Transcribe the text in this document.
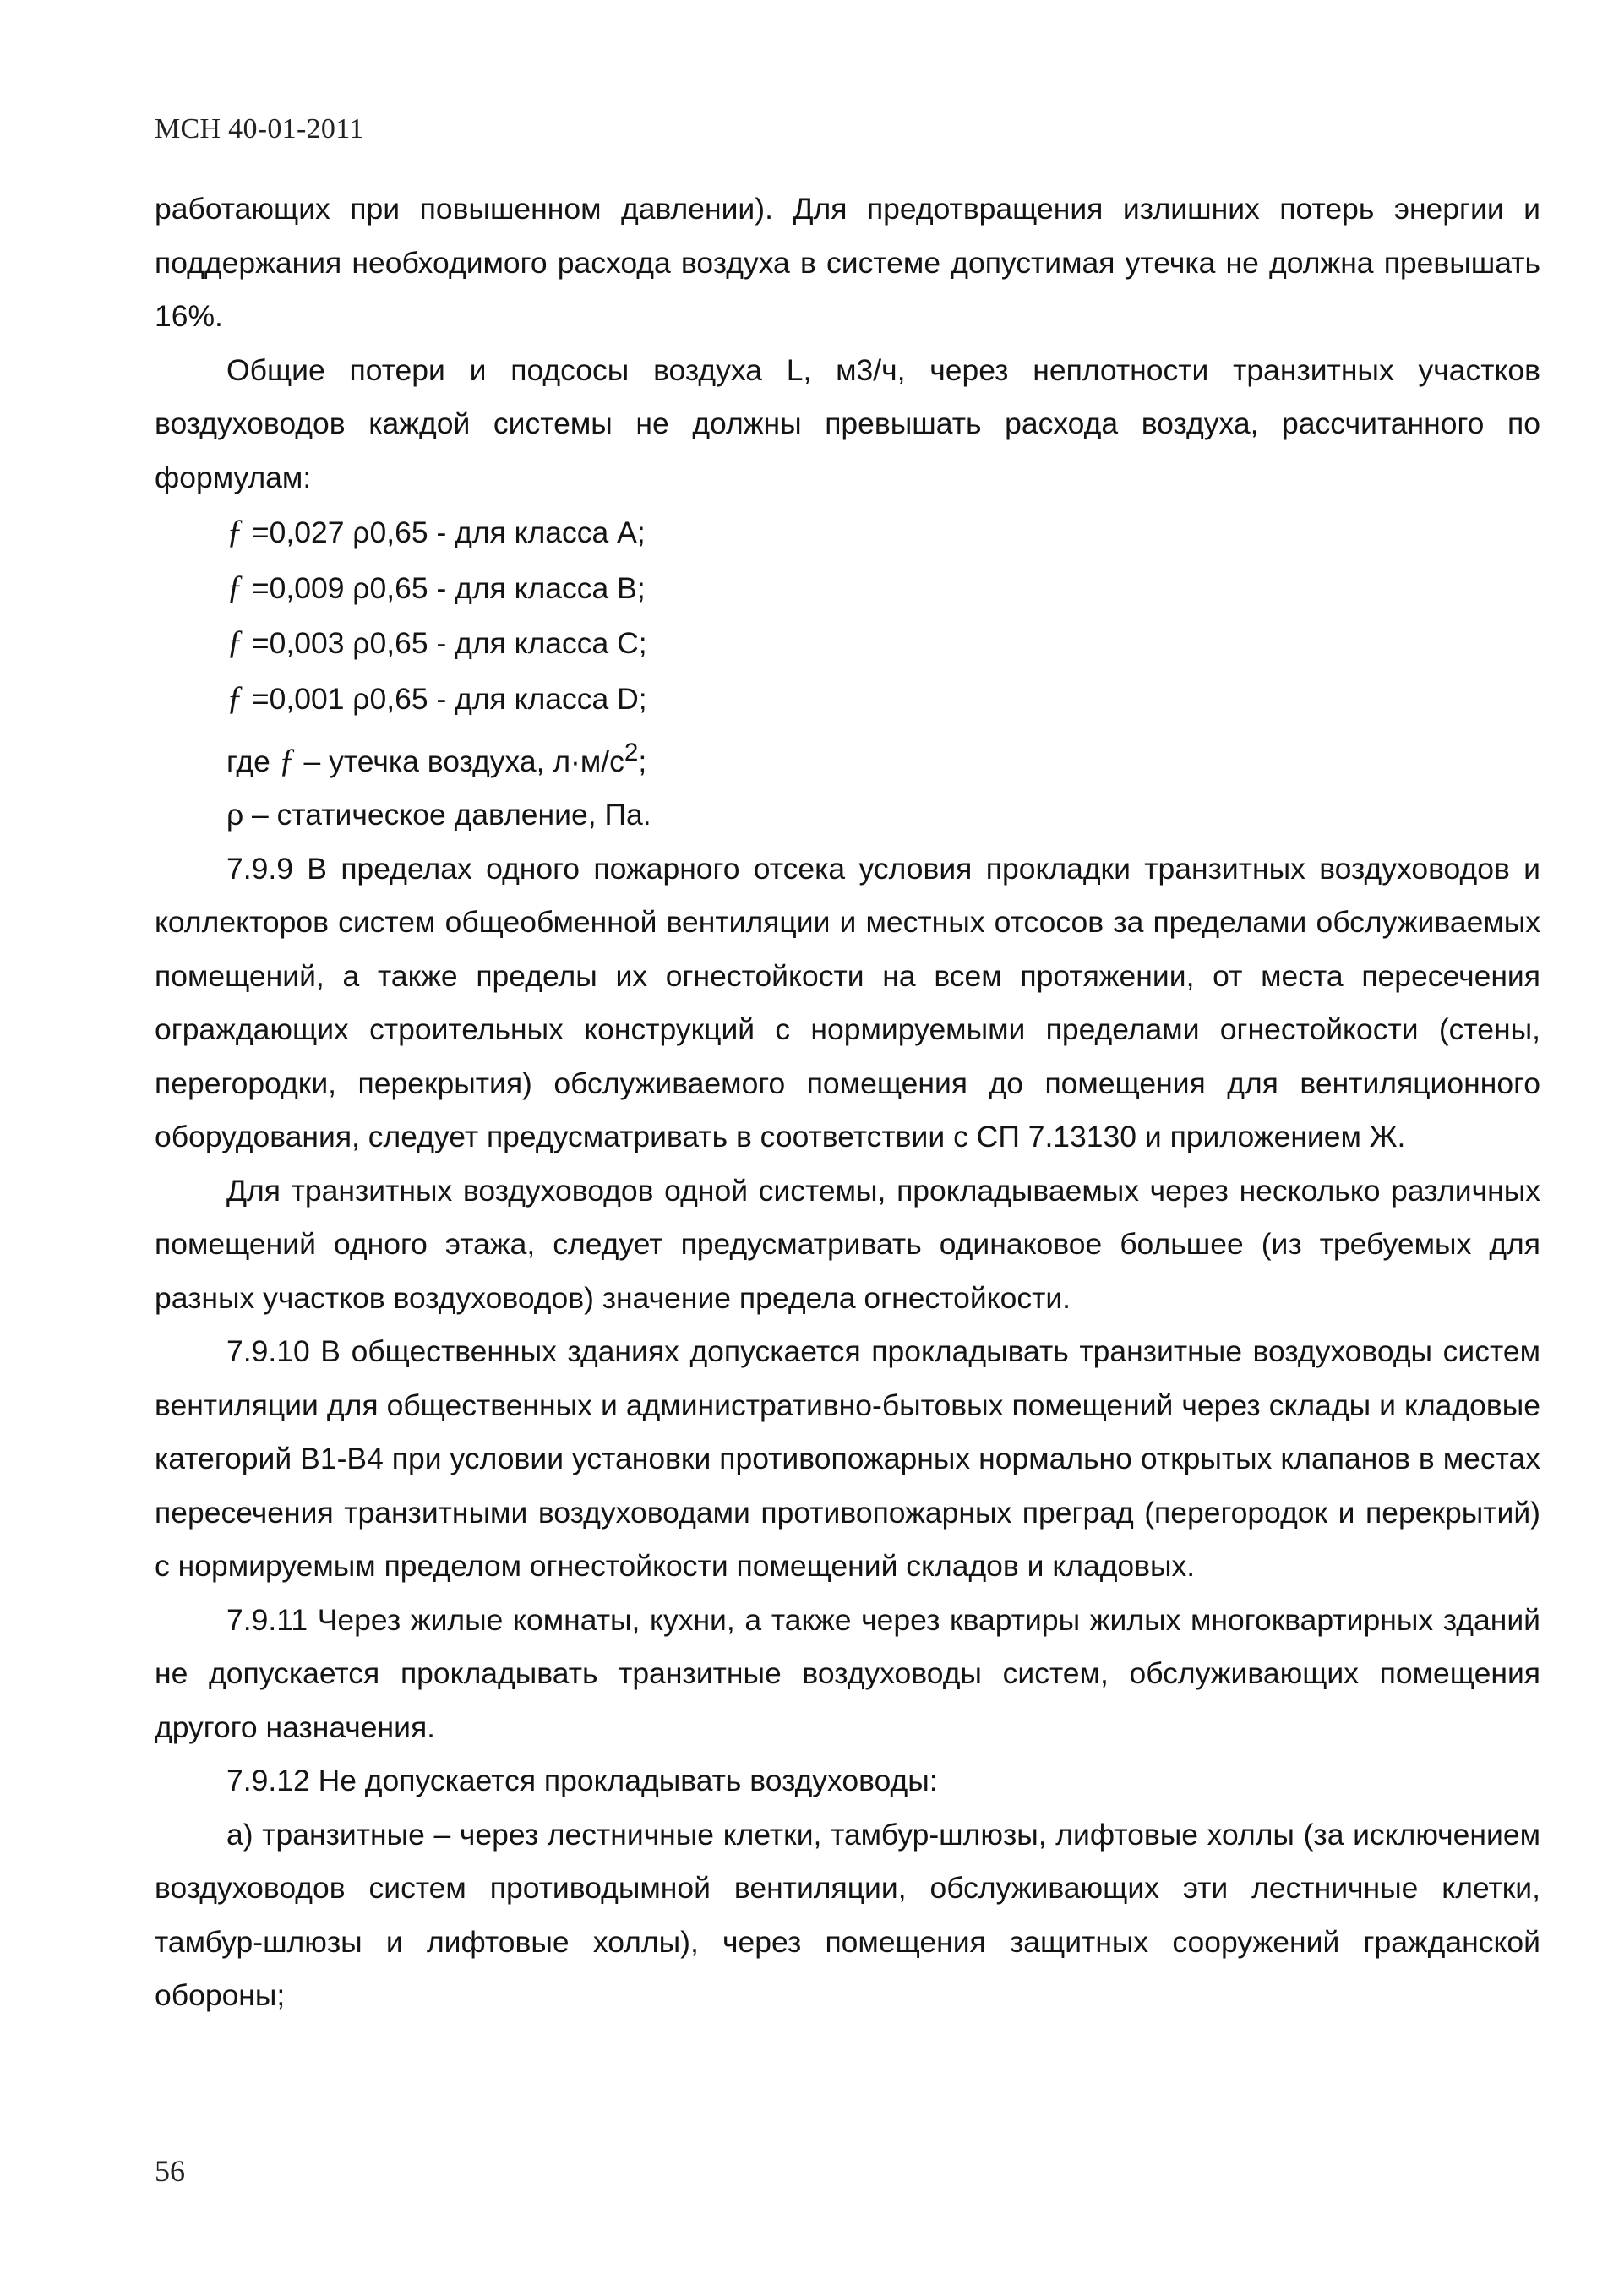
МСН 40-01-2011

работающих при повышенном давлении). Для предотвращения излишних потерь энергии и поддержания необходимого расхода воздуха в системе допустимая утечка не должна превышать 16%.

Общие потери и подсосы воздуха L, м3/ч, через неплотности транзитных участков воздуховодов каждой системы не должны превышать расхода воздуха, рассчитанного по формулам:

ƒ =0,027 ρ0,65 - для класса А;

ƒ =0,009 ρ0,65 - для класса В;

ƒ =0,003 ρ0,65 - для класса С;

ƒ =0,001 ρ0,65 - для класса D;

где ƒ – утечка воздуха, $л\cdot м/с^2$;

ρ – статическое давление, Па.

7.9.9 В пределах одного пожарного отсека условия прокладки транзитных воздуховодов и коллекторов систем общеобменной вентиляции и местных отсосов за пределами обслуживаемых помещений, а также пределы их огнестойкости на всем протяжении, от места пересечения ограждающих строительных конструкций с нормируемыми пределами огнестойкости (стены, перегородки, перекрытия) обслуживаемого помещения до помещения для вентиляционного оборудования, следует предусматривать в соответствии с СП 7.13130 и приложением Ж.

Для транзитных воздуховодов одной системы, прокладываемых через несколько различных помещений одного этажа, следует предусматривать одинаковое большее (из требуемых для разных участков воздуховодов) значение предела огнестойкости.

7.9.10 В общественных зданиях допускается прокладывать транзитные воздуховоды систем вентиляции для общественных и административно-бытовых помещений через склады и кладовые категорий В1-В4 при условии установки противопожарных нормально открытых клапанов в местах пересечения транзитными воздуховодами противопожарных преград (перегородок и перекрытий) с нормируемым пределом огнестойкости помещений складов и кладовых.

7.9.11 Через жилые комнаты, кухни, а также через квартиры жилых многоквартирных зданий не допускается прокладывать транзитные воздуховоды систем, обслуживающих помещения другого назначения.

7.9.12 Не допускается прокладывать воздуховоды:

а) транзитные – через лестничные клетки, тамбур-шлюзы, лифтовые холлы (за исключением воздуховодов систем противодымной вентиляции, обслуживающих эти лестничные клетки, тамбур-шлюзы и лифтовые холлы), через помещения защитных сооружений гражданской обороны;

56
